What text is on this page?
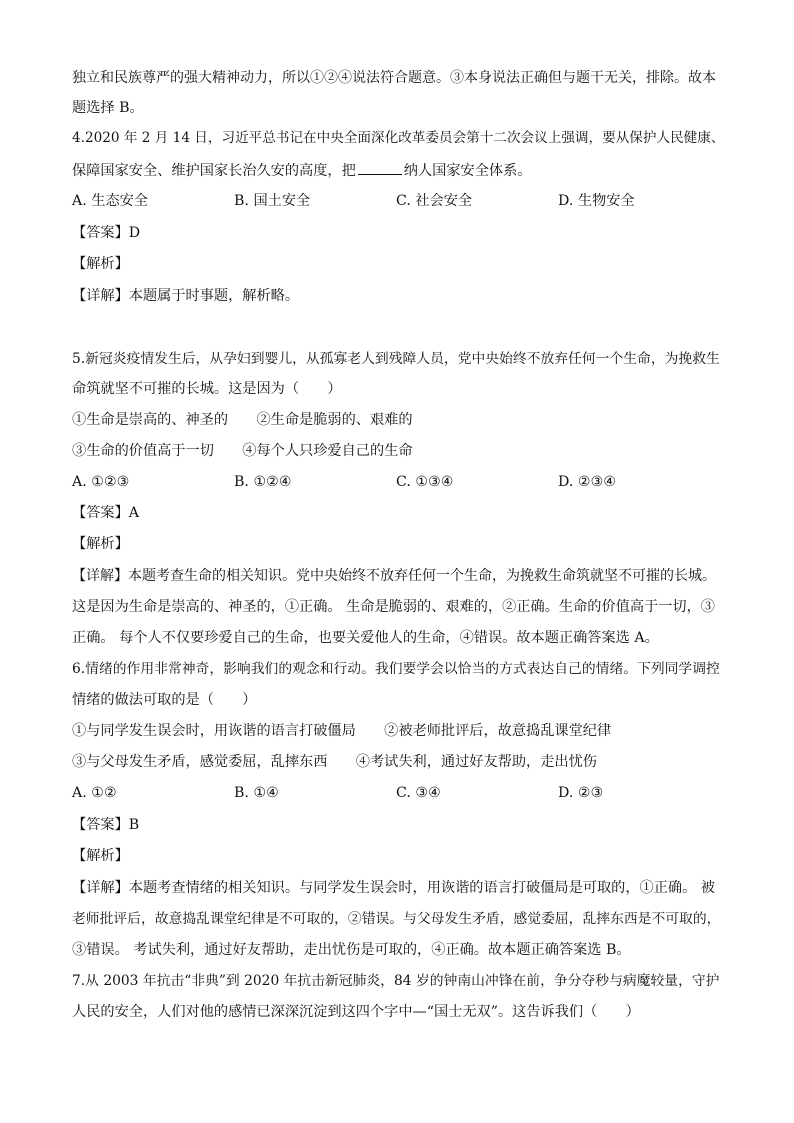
独立和民族尊严的强大精神动力，所以①②④说法符合题意。③本身说法正确但与题干无关，排除。故本
题选择 B。
4.2020 年 2 月 14 日，习近平总书记在中央全面深化改革委员会第十二次会议上强调，要从保护人民健康、
保障国家安全、维护国家长治久安的高度，把	纳人国家安全体系。
A. 生态安全	B. 国土安全	C. 社会安全	D. 生物安全
【答案】D
【解析】
【详解】本题属于时事题，解析略。
5.新冠炎疫情发生后，从孕妇到婴儿，从孤寡老人到残障人员，党中央始终不放弃任何一个生命，为挽救生
命筑就坚不可摧的长城。这是因为（　　）
①生命是崇高的、神圣的　　②生命是脆弱的、艰难的
③生命的价值高于一切　　④每个人只珍爱自己的生命
A. ①②③	B. ①②④	C. ①③④	D. ②③④
【答案】A
【解析】
【详解】本题考查生命的相关知识。党中央始终不放弃任何一个生命，为挽救生命筑就坚不可摧的长城。
这是因为生命是崇高的、神圣的，①正确。 生命是脆弱的、艰难的，②正确。生命的价值高于一切，③
正确。 每个人不仅要珍爱自己的生命，也要关爱他人的生命，④错误。故本题正确答案选 A。
6.情绪的作用非常神奇，影响我们的观念和行动。我们要学会以恰当的方式表达自己的情绪。下列同学调控
情绪的做法可取的是（　　）
①与同学发生误会时，用诙谐的语言打破僵局　　②被老师批评后，故意捣乱课堂纪律
③与父母发生矛盾，感觉委屈，乱摔东西　　④考试失利，通过好友帮助，走出忧伤
A. ①②	B. ①④	C. ③④	D. ②③
【答案】B
【解析】
【详解】本题考查情绪的相关知识。与同学发生误会时，用诙谐的语言打破僵局是可取的，①正确。 被
老师批评后，故意捣乱课堂纪律是不可取的，②错误。与父母发生矛盾，感觉委屈，乱摔东西是不可取的，
③错误。 考试失利，通过好友帮助，走出忧伤是可取的，④正确。故本题正确答案选 B。
7.从 2003 年抗击“非典”到 2020 年抗击新冠肺炎，84 岁的钟南山冲锋在前，争分夺秒与病魔较量，守护
人民的安全，人们对他的感情已深深沉淀到这四个字中—“国士无双”。这告诉我们（　　）
